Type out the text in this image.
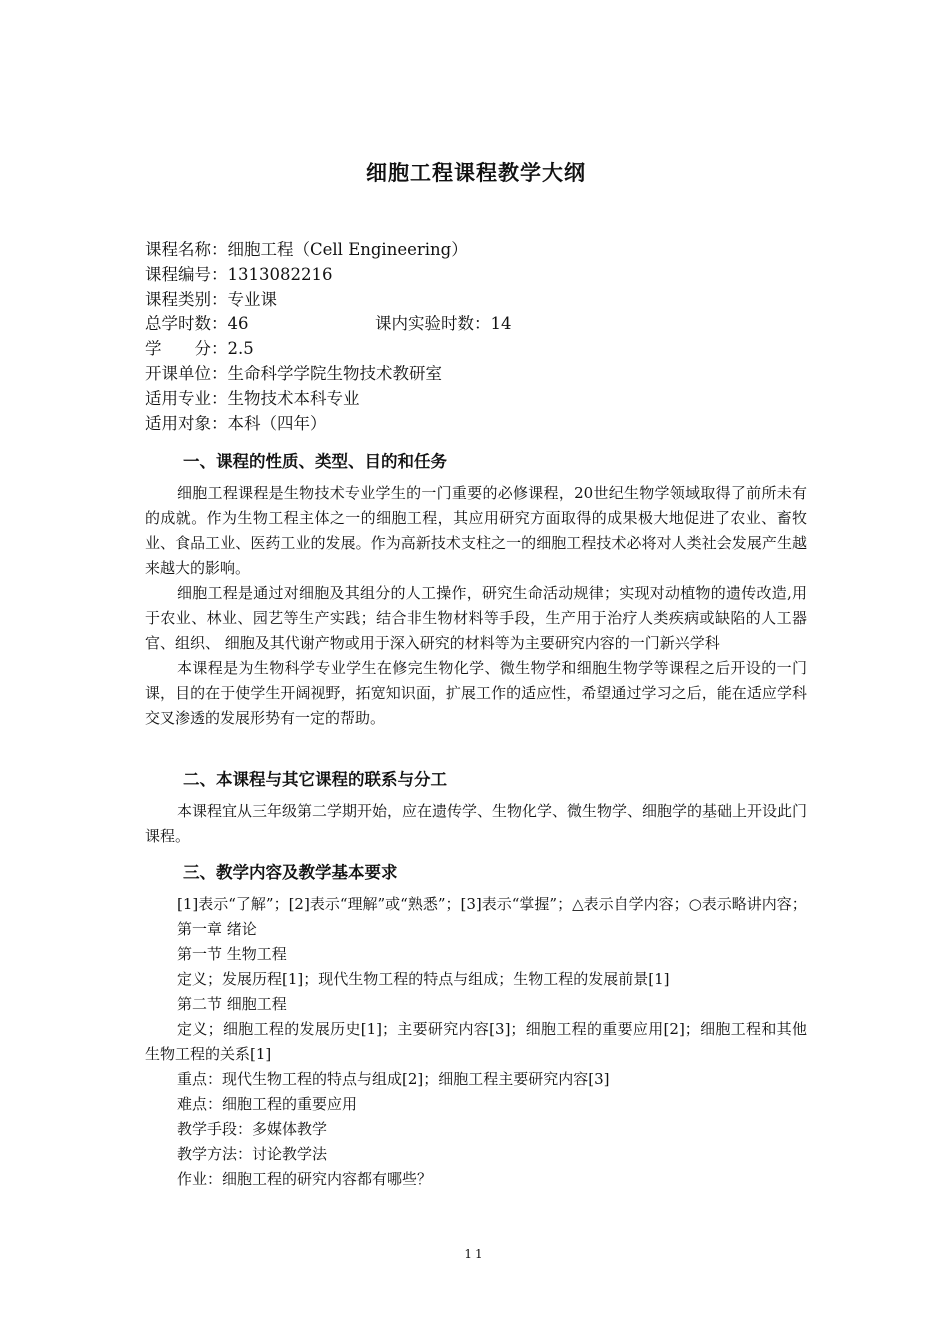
细胞工程课程教学大纲
课程名称：细胞工程（Cell Engineering）
课程编号：1313082216
课程类别：专业课
总学时数：46	课内实验时数：14
学　　分：2.5
开课单位：生命科学学院生物技术教研室
适用专业：生物技术本科专业
适用对象：本科（四年）
一、课程的性质、类型、目的和任务

细胞工程课程是生物技术专业学生的一门重要的必修课程，20世纪生物学领域取得了前所未有的成就。作为生物工程主体之一的细胞工程，其应用研究方面取得的成果极大地促进了农业、畜牧业、食品工业、医药工业的发展。作为高新技术支柱之一的细胞工程技术必将对人类社会发展产生越来越大的影响。

细胞工程是通过对细胞及其组分的人工操作，研究生命活动规律；实现对动植物的遗传改造,用于农业、林业、园艺等生产实践；结合非生物材料等手段，生产用于治疗人类疾病或缺陷的人工器官、组织、 细胞及其代谢产物或用于深入研究的材料等为主要研究内容的一门新兴学科

本课程是为生物科学专业学生在修完生物化学、微生物学和细胞生物学等课程之后开设的一门课，目的在于使学生开阔视野，拓宽知识面，扩展工作的适应性，希望通过学习之后，能在适应学科交叉渗透的发展形势有一定的帮助。

二、本课程与其它课程的联系与分工

本课程宜从三年级第二学期开始，应在遗传学、生物化学、微生物学、细胞学的基础上开设此门课程。

三、教学内容及教学基本要求

[1]表示“了解”；[2]表示“理解”或“熟悉”；[3]表示“掌握”；△表示自学内容；○表示略讲内容；

第一章 绪论
第一节 生物工程
定义；发展历程[1]；现代生物工程的特点与组成；生物工程的发展前景[1]
第二节 细胞工程

定义；细胞工程的发展历史[1]；主要研究内容[3]；细胞工程的重要应用[2]；细胞工程和其他生物工程的关系[1]

重点：现代生物工程的特点与组成[2]；细胞工程主要研究内容[3]
难点：细胞工程的重要应用
教学手段：多媒体教学
教学方法：讨论教学法
作业：细胞工程的研究内容都有哪些？
11
